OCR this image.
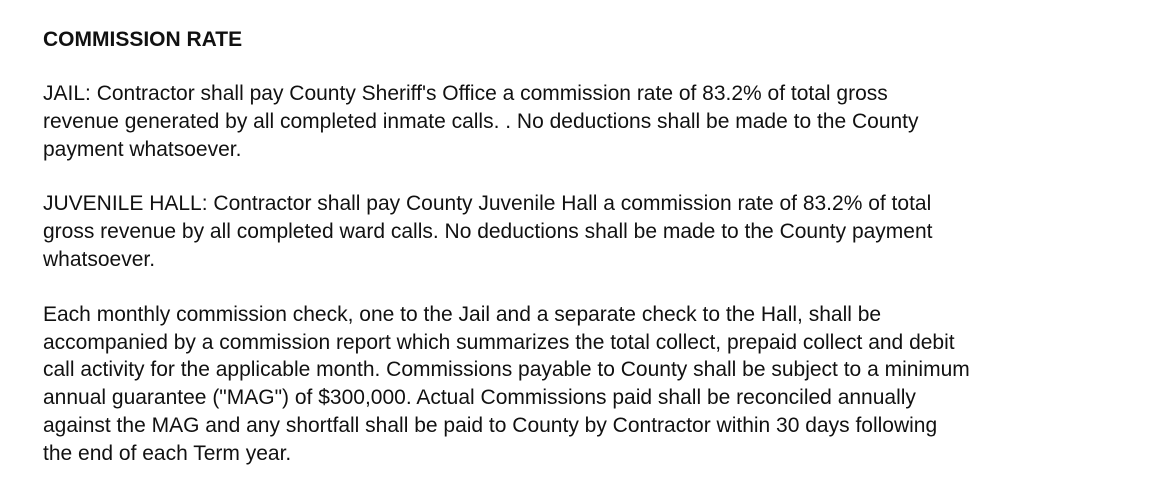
COMMISSION RATE
JAIL: Contractor shall pay County Sheriff's Office a commission rate of 83.2% of total gross
revenue generated by all completed inmate calls. . No deductions shall be made to the County
payment whatsoever.
JUVENILE HALL: Contractor shall pay County Juvenile Hall a commission rate of 83.2% of total
gross revenue by all completed ward calls. No deductions shall be made to the County payment
whatsoever.
Each monthly commission check, one to the Jail and a separate check to the Hall, shall be
accompanied by a commission report which summarizes the total collect, prepaid collect and debit
call activity for the applicable month. Commissions payable to County shall be subject to a minimum
annual guarantee ("MAG") of $300,000. Actual Commissions paid shall be reconciled annually
against the MAG and any shortfall shall be paid to County by Contractor within 30 days following
the end of each Term year.
